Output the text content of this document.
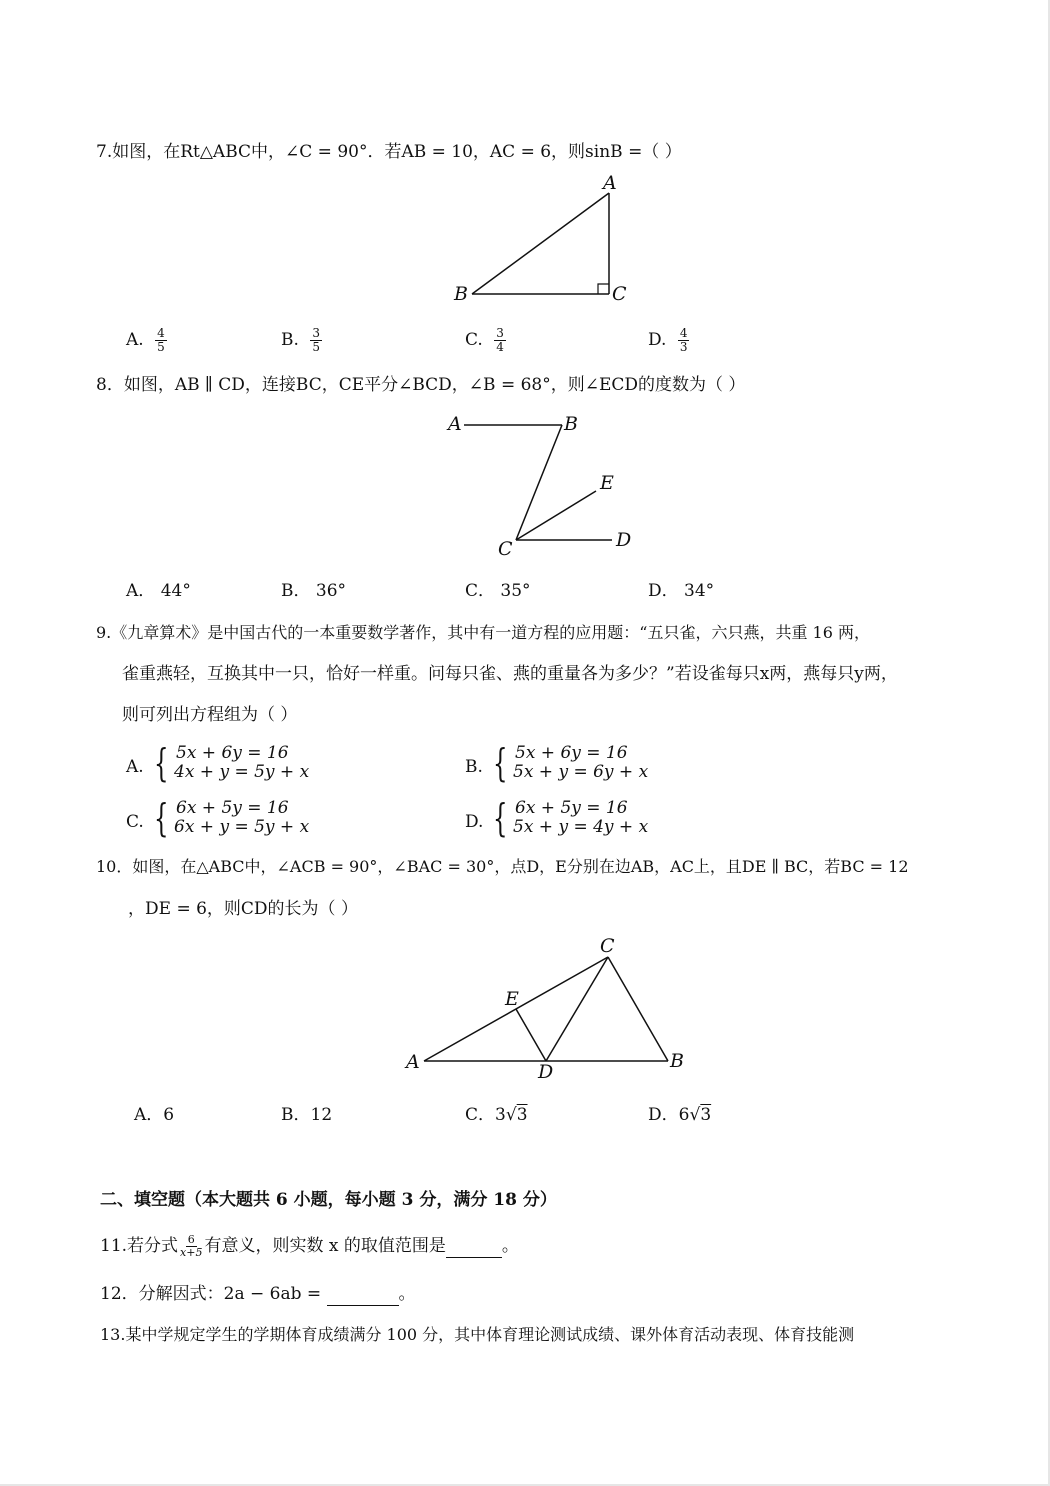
7.如图，在Rt△ABC中，∠C = 90°．若AB = 10，AC = 6，则sinB =（ ）
A
B	C
A. $\frac{4}{5}$	B. $\frac{3}{5}$	C. $\frac{3}{4}$	D. $\frac{4}{3}$
8．如图，AB ∥ CD，连接BC，CE平分∠BCD，∠B = 68°，则∠ECD的度数为（ ）
A	B
E
D
C
A． 44°	B． 36°	C． 35°	D． 34°
9.《九章算术》是中国古代的一本重要数学著作，其中有一道方程的应用题：“五只雀，六只燕，共重 16 两，
雀重燕轻，互换其中一只，恰好一样重。问每只雀、燕的重量各为多少？”若设雀每只x两，燕每只y两，
则可列出方程组为（ ）
A. { 5x + 6y = 16
4x + y = 5y + x	B. { 5x + 6y = 16
5x + y = 6y + x
C. { 6x + 5y = 16
6x + y = 5y + x	D. { 6x + 5y = 16
5x + y = 4y + x
10．如图，在△ABC中，∠ACB = 90°，∠BAC = 30°，点D，E分别在边AB，AC上，且DE ∥ BC，若BC = 12
，DE = 6，则CD的长为（ ）
C
E
A	D	B
A．6	B．12	C．3√3	D．6√3
二、填空题（本大题共 6 小题，每小题 3 分，满分 18 分）
11.若分式 $\frac{6}{x+5}$ 有意义，则实数 x 的取值范围是	。
12．分解因式：2a − 6ab =	。
13.某中学规定学生的学期体育成绩满分 100 分，其中体育理论测试成绩、课外体育活动表现、体育技能测
